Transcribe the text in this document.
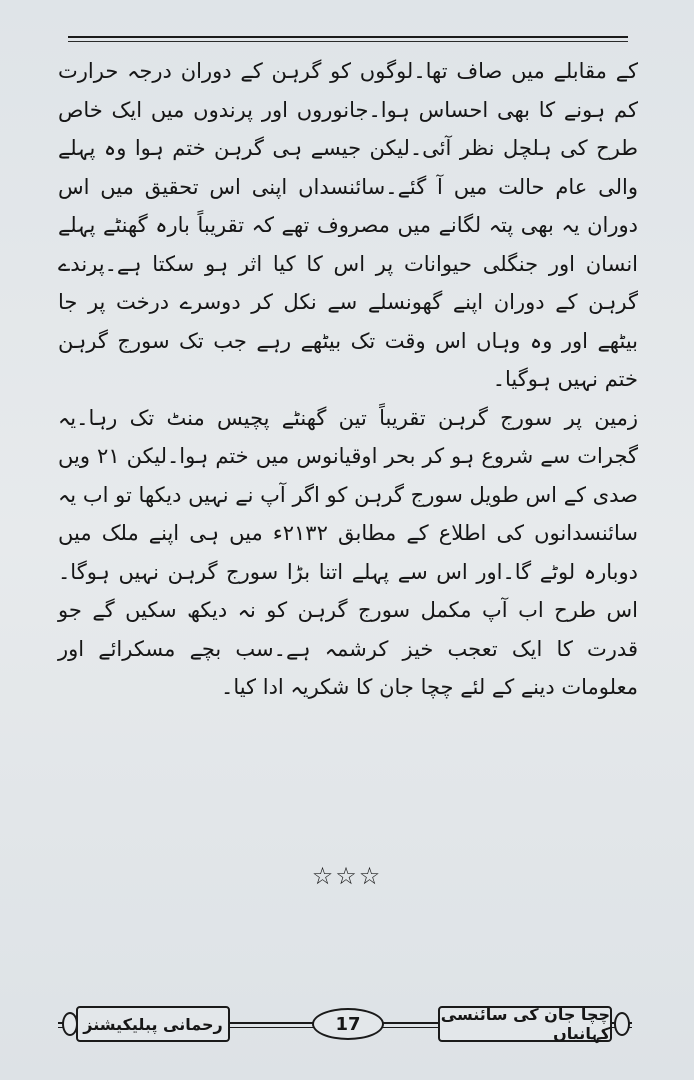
کے مقابلے میں صاف تھا۔لوگوں کو گرہن کے دوران درجہ حرارت کم ہونے کا بھی احساس ہوا۔جانوروں اور پرندوں میں ایک خاص طرح کی ہلچل نظر آئی۔لیکن جیسے ہی گرہن ختم ہوا وہ پہلے والی عام حالت میں آ گئے۔سائنسداں اپنی اس تحقیق میں اس دوران یہ بھی پتہ لگانے میں مصروف تھے کہ تقریباً بارہ گھنٹے پہلے انسان اور جنگلی حیوانات پر اس کا کیا اثر ہو سکتا ہے۔پرندے گرہن کے دوران اپنے گھونسلے سے نکل کر دوسرے درخت پر جا بیٹھے اور وہ وہاں اس وقت تک بیٹھے رہے جب تک سورج گرہن ختم نہیں ہوگیا۔

زمین پر سورج گرہن تقریباً تین گھنٹے پچیس منٹ تک رہا۔یہ گجرات سے شروع ہو کر بحر اوقیانوس میں ختم ہوا۔لیکن ۲۱ ویں صدی کے اس طویل سورج گرہن کو اگر آپ نے نہیں دیکھا تو اب یہ سائنسدانوں کی اطلاع کے مطابق ۲۱۳۲ء میں ہی اپنے ملک میں دوبارہ لوٹے گا۔اور اس سے پہلے اتنا بڑا سورج گرہن نہیں ہوگا۔اس طرح اب آپ مکمل سورج گرہن کو نہ دیکھ سکیں گے جو قدرت کا ایک تعجب خیز کرشمہ ہے۔سب بچے مسکرائے اور معلومات دینے کے لئے چچا جان کا شکریہ ادا کیا۔

☆☆☆
رحمانی پبلیکیشنز	17	چچا جان کی سائنسی کہانیاں
